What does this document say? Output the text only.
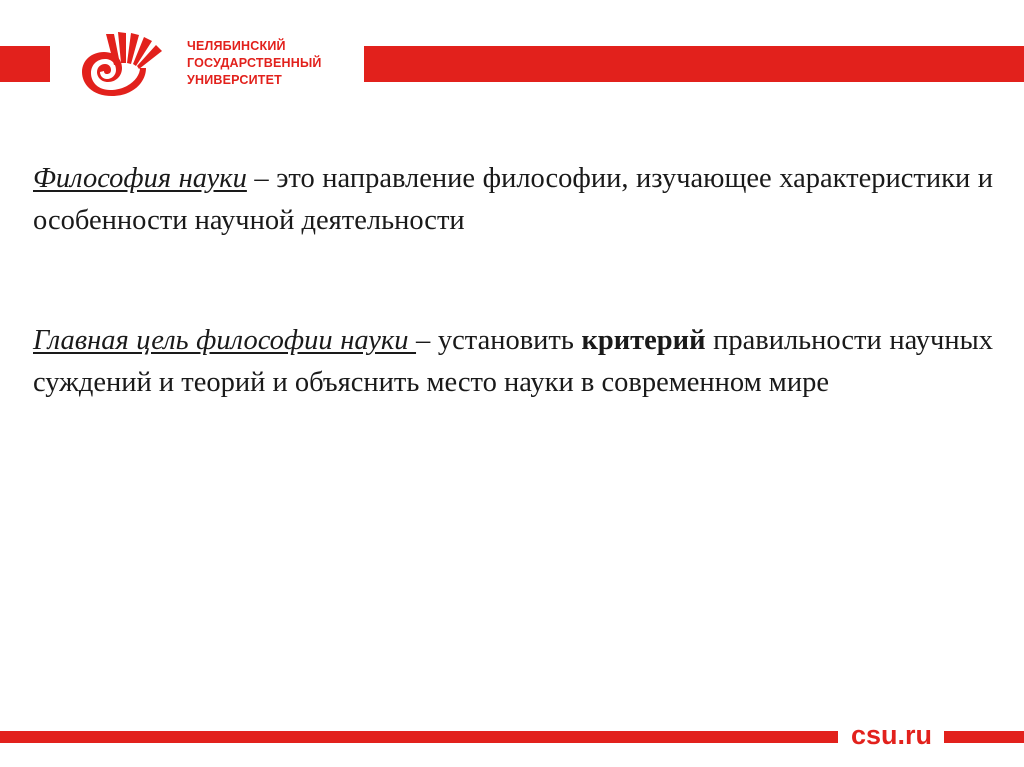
ЧЕЛЯБИНСКИЙ
ГОСУДАРСТВЕННЫЙ
УНИВЕРСИТЕТ
Философия науки – это направление философии, изучающее характеристики и особенности научной деятельности
Главная цель философии науки – установить критерий правильности научных суждений и теорий и объяснить место науки в современном мире
csu.ru
